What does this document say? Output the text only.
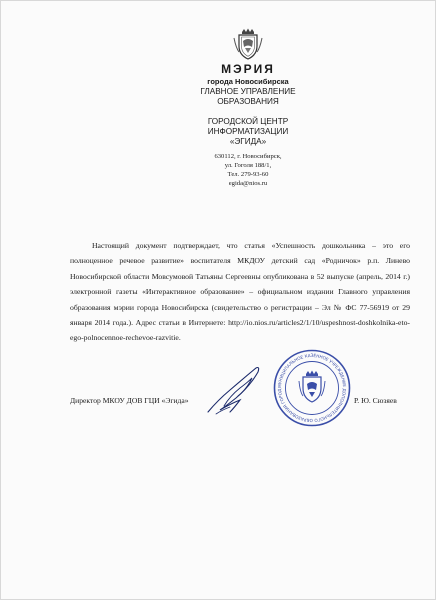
МЭРИЯ
города Новосибирска
ГЛАВНОЕ УПРАВЛЕНИЕ
ОБРАЗОВАНИЯ
ГОРОДСКОЙ ЦЕНТР
ИНФОРМАТИЗАЦИИ
«ЭГИДА»
630112, г. Новосибирск,
ул. Гоголя 188/1,
Тел. 279-93-60
egida@nios.ru
Настоящий документ подтверждает, что статья «Успешность дошкольника – это его полноценное речевое развитие» воспитателя МКДОУ детский сад «Родничок» р.п. Линево Новосибирской области Мовсумовой Татьяны Сергеевны опубликована в 52 выпуске (апрель, 2014 г.) электронной газеты «Интерактивное образование» – официальном издании Главного управления образования мэрии города Новосибирска (свидетельство о регистрации – Эл № ФС 77-56919 от 29 января 2014 года.). Адрес статьи в Интернете: http://io.nios.ru/articles2/1/10/uspeshnost-doshkolnika-eto-ego-polnocennoe-rechevoe-razvitie.
Директор МКОУ ДОВ ГЦИ «Эгида»
МУНИЦИПАЛЬНОЕ КАЗЁННОЕ УЧРЕЖДЕНИЕ ДОПОЛНИТЕЛЬНОГО ОБРАЗОВАНИЯ ГОРОД
Р. Ю. Сюзяев
